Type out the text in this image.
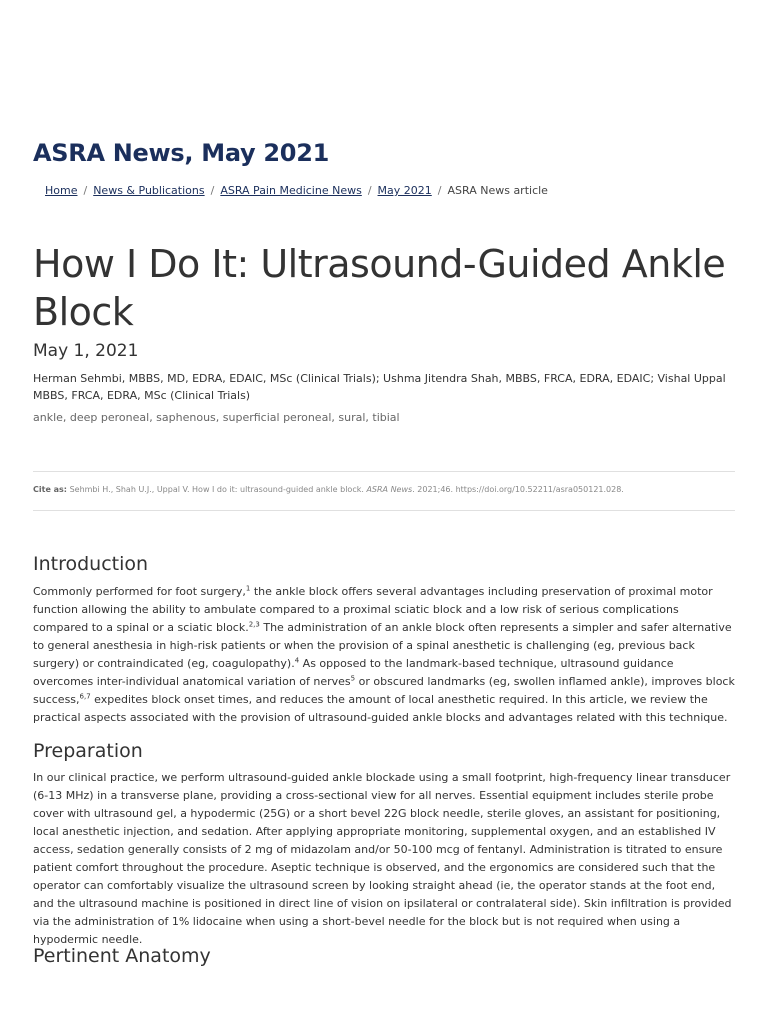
ASRA News, May 2021
Home / News & Publications / ASRA Pain Medicine News / May 2021 / ASRA News article
How I Do It: Ultrasound-Guided Ankle Block
May 1, 2021
Herman Sehmbi, MBBS, MD, EDRA, EDAIC, MSc (Clinical Trials); Ushma Jitendra Shah, MBBS, FRCA, EDRA, EDAIC; Vishal Uppal MBBS, FRCA, EDRA, MSc (Clinical Trials)
ankle, deep peroneal, saphenous, superficial peroneal, sural, tibial
Cite as: Sehmbi H., Shah U.J., Uppal V. How I do it: ultrasound-guided ankle block. ASRA News. 2021;46. https://doi.org/10.52211/asra050121.028.
Introduction

Commonly performed for foot surgery,$^1$ the ankle block offers several advantages including preservation of proximal motor function allowing the ability to ambulate compared to a proximal sciatic block and a low risk of serious complications compared to a spinal or a sciatic block.$^{2,3}$ The administration of an ankle block often represents a simpler and safer alternative to general anesthesia in high-risk patients or when the provision of a spinal anesthetic is challenging (eg, previous back surgery) or contraindicated (eg, coagulopathy).$^4$ As opposed to the landmark-based technique, ultrasound guidance overcomes inter-individual anatomical variation of nerves$^5$ or obscured landmarks (eg, swollen inflamed ankle), improves block success,$^{6,7}$ expedites block onset times, and reduces the amount of local anesthetic required. In this article, we review the practical aspects associated with the provision of ultrasound-guided ankle blocks and advantages related with this technique.

Preparation

In our clinical practice, we perform ultrasound-guided ankle blockade using a small footprint, high-frequency linear transducer (6-13 MHz) in a transverse plane, providing a cross-sectional view for all nerves. Essential equipment includes sterile probe cover with ultrasound gel, a hypodermic (25G) or a short bevel 22G block needle, sterile gloves, an assistant for positioning, local anesthetic injection, and sedation. After applying appropriate monitoring, supplemental oxygen, and an established IV access, sedation generally consists of 2 mg of midazolam and/or 50-100 mcg of fentanyl. Administration is titrated to ensure patient comfort throughout the procedure. Aseptic technique is observed, and the ergonomics are considered such that the operator can comfortably visualize the ultrasound screen by looking straight ahead (ie, the operator stands at the foot end, and the ultrasound machine is positioned in direct line of vision on ipsilateral or contralateral side). Skin infiltration is provided via the administration of 1% lidocaine when using a short-bevel needle for the block but is not required when using a hypodermic needle.

Pertinent Anatomy
